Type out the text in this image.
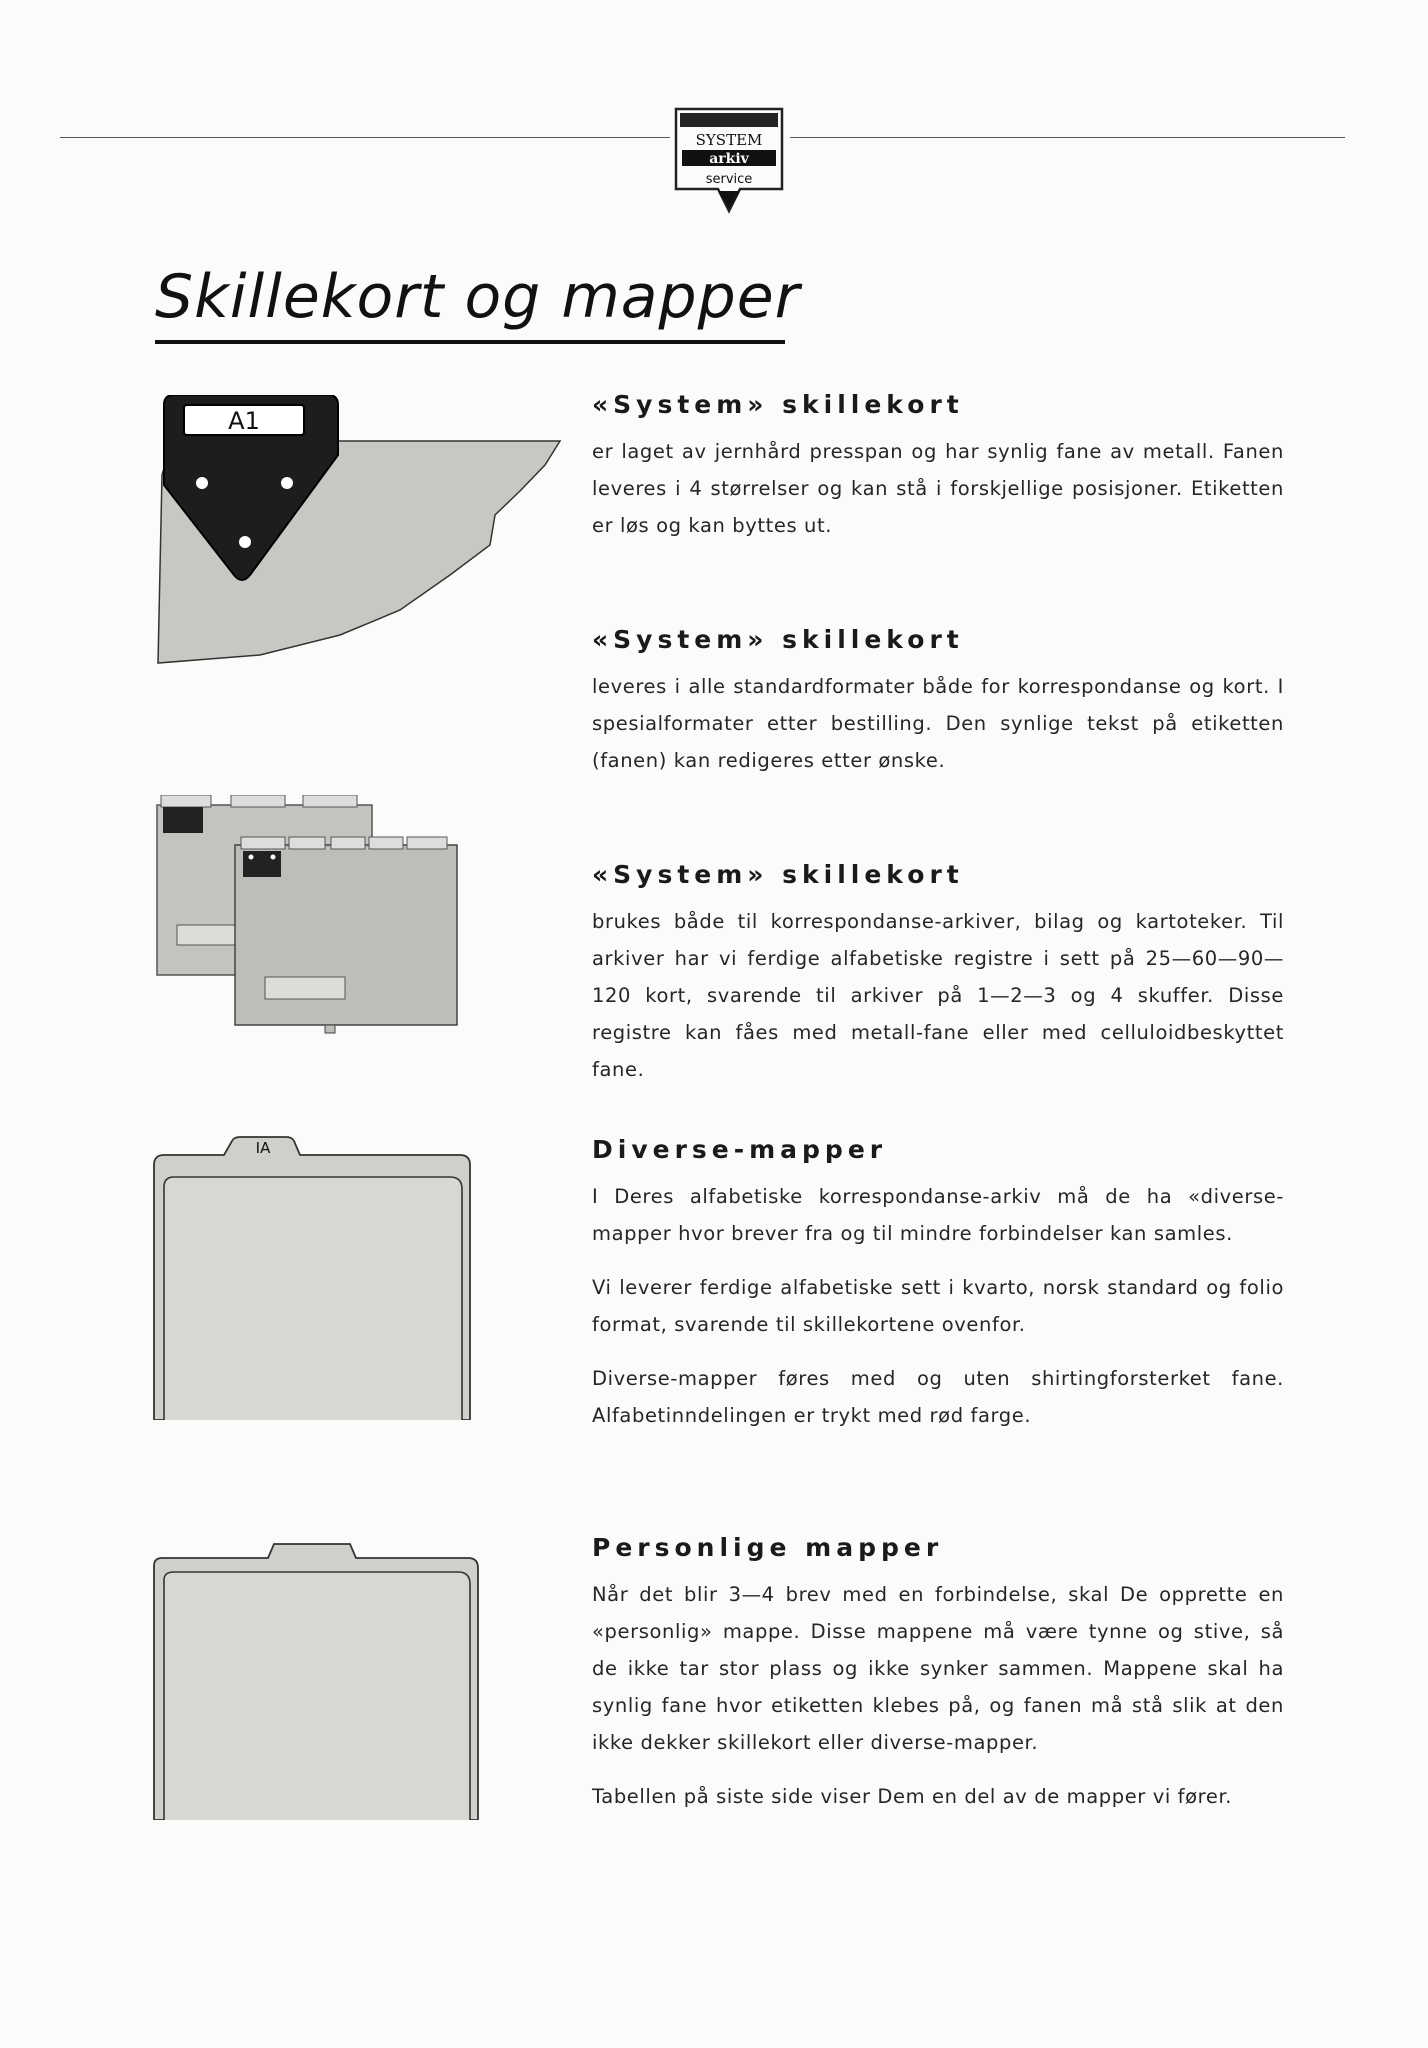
SYSTEM
arkiv
service
Skillekort og mapper
A1
IA
«System» skillekort

er laget av jernhård presspan og har synlig fane av metall. Fanen leveres i 4 størrelser og kan stå i forskjellige posisjoner. Etiketten er løs og kan byttes ut.

«System» skillekort

leveres i alle standardformater både for korrespondanse og kort. I spesialformater etter bestilling. Den synlige tekst på etiketten (fanen) kan redigeres etter ønske.

«System» skillekort

brukes både til korrespondanse-arkiver, bilag og kartoteker. Til arkiver har vi ferdige alfabetiske registre i sett på 25—60—90—120 kort, svarende til arkiver på 1—2—3 og 4 skuffer. Disse registre kan fåes med metall-fane eller med celluloidbeskyttet fane.

Diverse-mapper

I Deres alfabetiske korrespondanse-arkiv må de ha «diverse-mapper hvor brever fra og til mindre forbindelser kan samles.

Vi leverer ferdige alfabetiske sett i kvarto, norsk standard og folio format, svarende til skillekortene ovenfor.

Diverse-mapper føres med og uten shirtingforsterket fane. Alfabetinndelingen er trykt med rød farge.

Personlige mapper

Når det blir 3—4 brev med en forbindelse, skal De opprette en «personlig» mappe. Disse mappene må være tynne og stive, så de ikke tar stor plass og ikke synker sammen. Mappene skal ha synlig fane hvor etiketten klebes på, og fanen må stå slik at den ikke dekker skillekort eller diverse-mapper.

Tabellen på siste side viser Dem en del av de mapper vi fører.
